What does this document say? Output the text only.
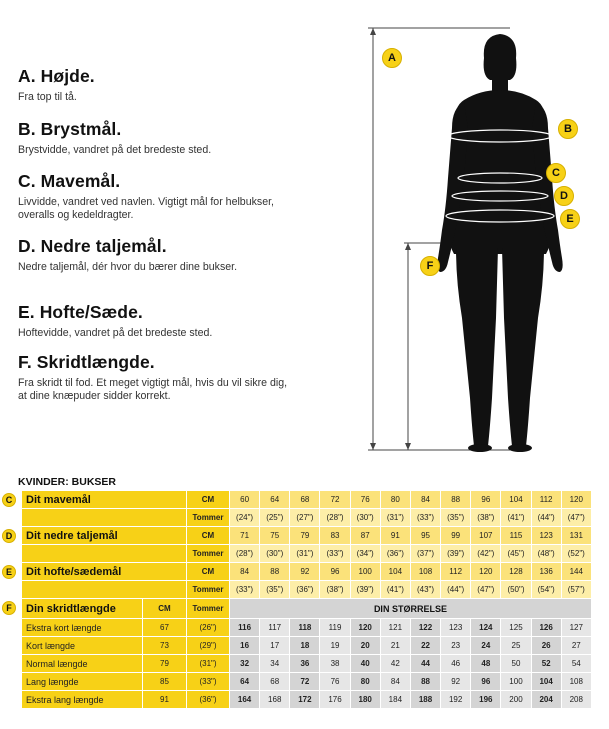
A. Højde.

Fra top til tå.

B. Brystmål.

Brystvidde, vandret på det bredeste sted.

C. Mavemål.

Livvidde, vandret ved navlen. Vigtigt mål for helbukser, overalls og kedeldragter.

D. Nedre taljemål.

Nedre taljemål, dér hvor du bærer dine bukser.

E. Hofte/Sæde.

Hoftevidde, vandret på det bredeste sted.

F. Skridtlængde.

Fra skridt til fod. Et meget vigtigt mål, hvis du vil sikre dig, at dine knæpuder sidder korrekt.

A
B
C
D
E
F
KVINDER: BUKSER
C	Dit mavemål	CM	60	64	68	72	76	80	84	88	96	104	112	120
Tommer	(24")	(25")	(27")	(28")	(30")	(31")	(33")	(35")	(38")	(41")	(44")	(47")
D	Dit nedre taljemål	CM	71	75	79	83	87	91	95	99	107	115	123	131
Tommer	(28")	(30")	(31")	(33")	(34")	(36")	(37")	(39")	(42")	(45")	(48")	(52")
E	Dit hofte/sædemål	CM	84	88	92	96	100	104	108	112	120	128	136	144
Tommer	(33")	(35")	(36")	(38")	(39")	(41")	(43")	(44")	(47")	(50")	(54")	(57")
F	Din skridtlængde	CM	Tommer	DIN STØRRELSE
Ekstra kort længde	67	(26")	116	117	118	119	120	121	122	123	124	125	126	127
Kort længde	73	(29")	16	17	18	19	20	21	22	23	24	25	26	27
Normal længde	79	(31")	32	34	36	38	40	42	44	46	48	50	52	54
Lang længde	85	(33")	64	68	72	76	80	84	88	92	96	100	104	108
Ekstra lang længde	91	(36")	164	168	172	176	180	184	188	192	196	200	204	208
